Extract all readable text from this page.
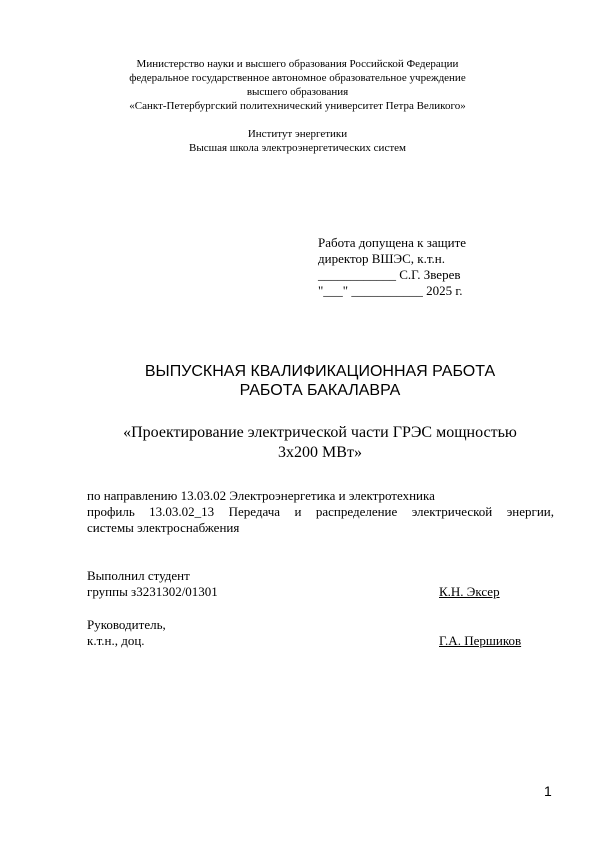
Министерство науки и высшего образования Российской Федерации
федеральное государственное автономное образовательное учреждение
высшего образования
«Санкт-Петербургский политехнический университет Петра Великого»
Институт энергетики
Высшая школа электроэнергетических систем
Работа допущена к защите
директор ВШЭС, к.т.н.
____________ С.Г. Зверев
"___" ___________ 2025 г.
ВЫПУСКНАЯ КВАЛИФИКАЦИОННАЯ РАБОТА
РАБОТА БАКАЛАВРА
«Проектирование электрической части ГРЭС мощностью
3х200 МВт»
по направлению 13.03.02 Электроэнергетика и электротехника
профиль 13.03.02_13 Передача и распределение электрической энергии,
системы электроснабжения
Выполнил студент
группы з3231302/01301	К.Н. Эксер
Руководитель,
к.т.н., доц.	Г.А. Першиков
1
